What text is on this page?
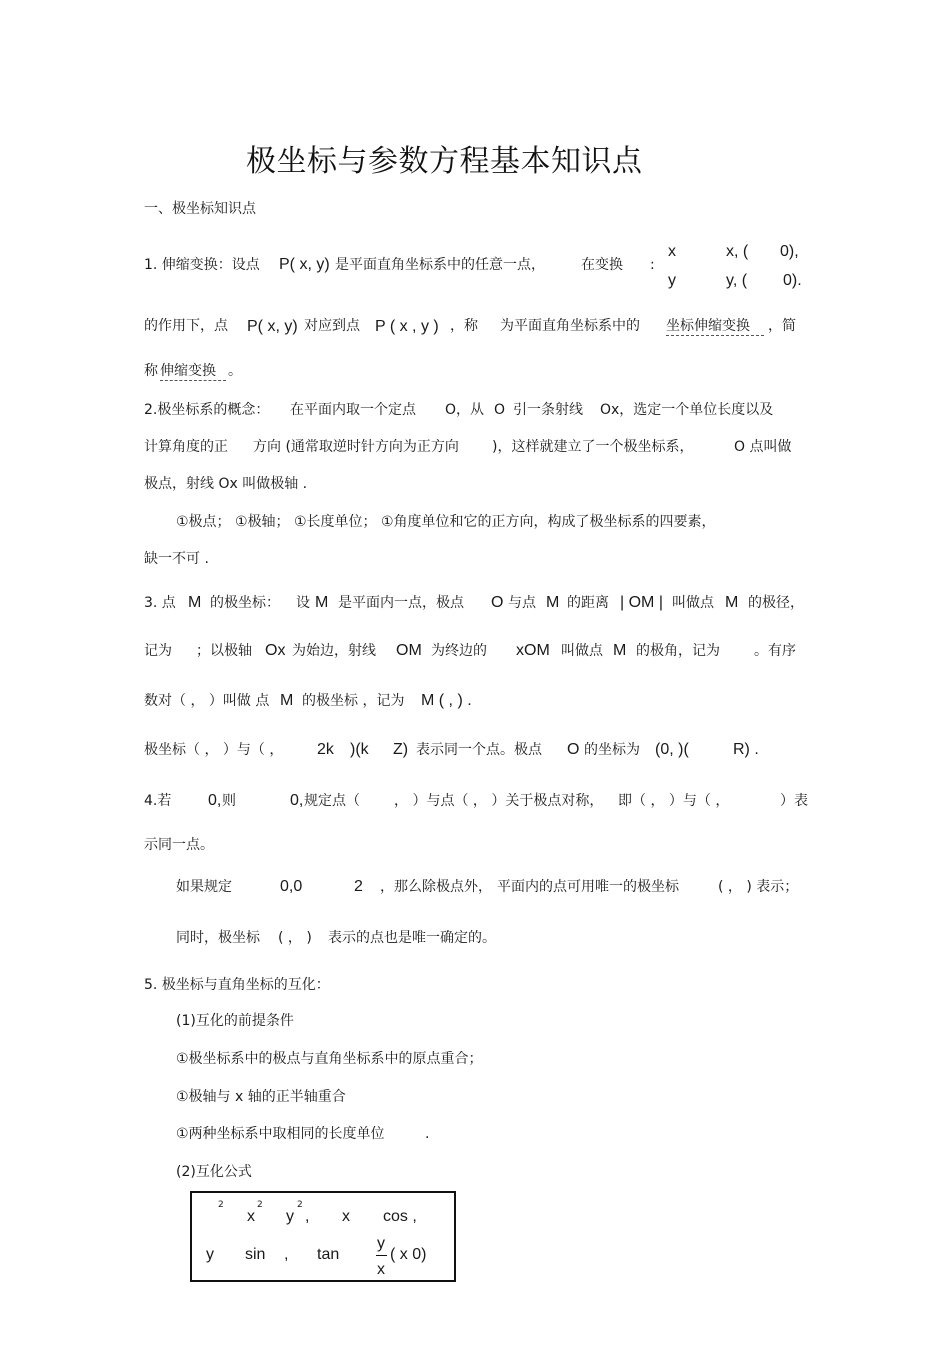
极坐标与参数方程基本知识点
一、极坐标知识点
1. 伸缩变换：设点 P( x, y) 是平面直角坐标系中的任意一点，	在变换 :
x	x, ( 0),
y	y, ( 0).
的作用下，点 P( x, y) 对应到点 P ( x , y ) ，称 为平面直角坐标系中的 坐标伸缩变换	，简
称 伸缩变换 。
2.极坐标系的概念： 在平面内取一个定点 O，从 O 引一条射线 Ox，选定一个单位长度以及
计算角度的正 方向 (通常取逆时针方向为正方向 )，这样就建立了一个极坐标系，	O 点叫做
极点，射线 Ox 叫做极轴 .
①极点； ①极轴； ①长度单位； ①角度单位和它的正方向，构成了极坐标系的四要素，
缺一不可 .
3. 点 M 的极坐标： 设 M 是平面内一点，极点 O 与点 M 的距离 | OM | 叫做点 M 的极径，
记为 ；以极轴 Ox 为始边，射线 OM 为终边的 xOM 叫做点 M 的极角，记为 。有序
数对（ ， ）叫做 点 M 的极坐标 ，记为 M ( , ) .
极坐标（ ， ）与（ ， 2k )(k Z) 表示同一个点。极点 O 的坐标为 (0, )(	R) .
4.若 0, 则	0, 规定点（ ， ）与点（ ， ）关于极点对称， 即（ ， ）与（ ，	）表
示同一点。
如果规定	0,0	2 ，那么除极点外， 平面内的点可用唯一的极坐标	( ， ) 表示；
同时，极坐标 ( ， ) 表示的点也是唯一确定的。
5. 极坐标与直角坐标的互化：
(1)互化的前提条件
①极坐标系中的极点与直角坐标系中的原点重合；
①极轴与 x 轴的正半轴重合
①两种坐标系中取相同的长度单位	.
(2)互化公式
2
x
2
y
2
, x cos ,
y sin , tan
y
x
( x 0)
